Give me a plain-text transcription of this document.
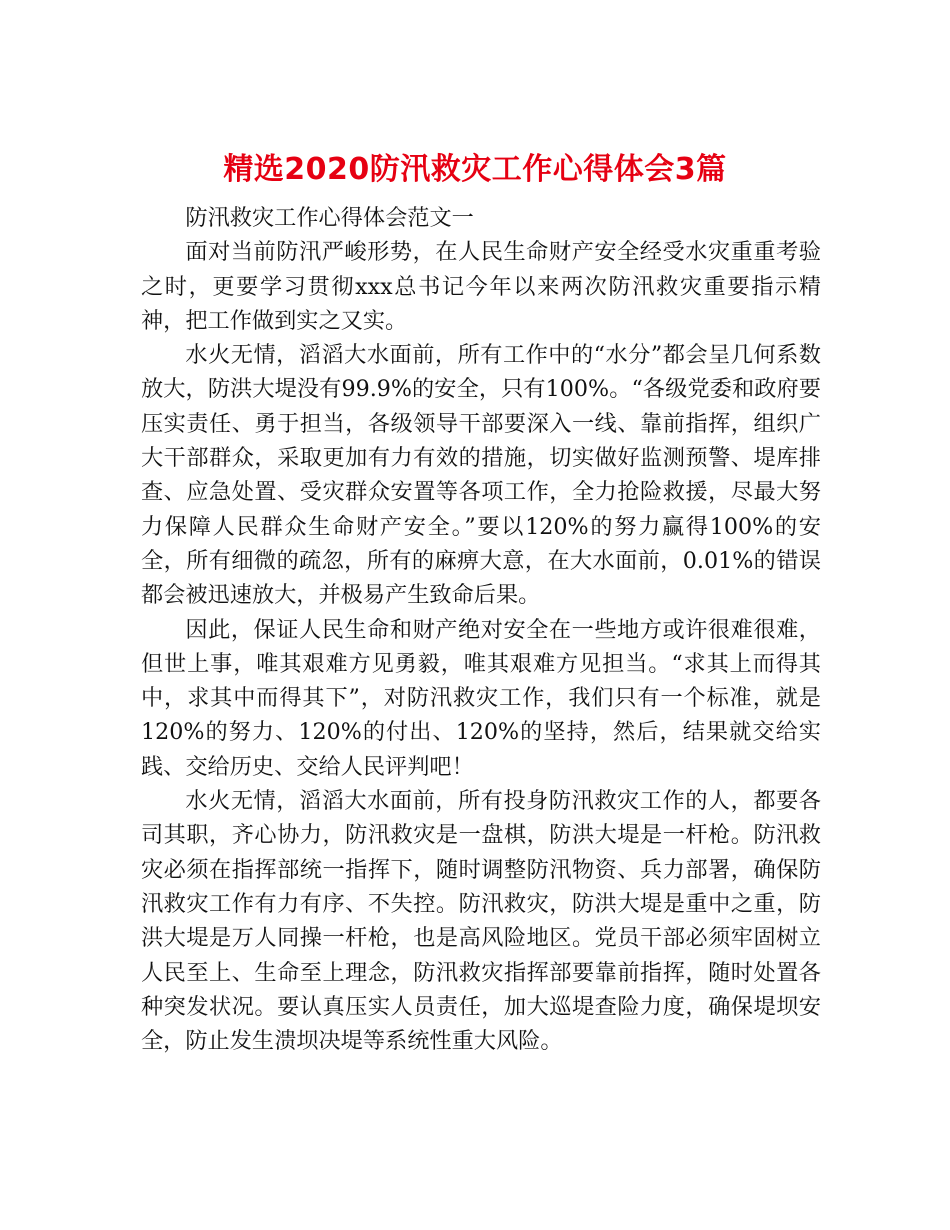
精选2020防汛救灾工作心得体会3篇

防汛救灾工作心得体会范文一

面对当前防汛严峻形势，在人民生命财产安全经受水灾重重考验之时，更要学习贯彻xxx总书记今年以来两次防汛救灾重要指示精神，把工作做到实之又实。

水火无情，滔滔大水面前，所有工作中的“水分”都会呈几何系数放大，防洪大堤没有99.9%的安全，只有100%。“各级党委和政府要压实责任、勇于担当，各级领导干部要深入一线、靠前指挥，组织广大干部群众，采取更加有力有效的措施，切实做好监测预警、堤库排查、应急处置、受灾群众安置等各项工作，全力抢险救援，尽最大努力保障人民群众生命财产安全。”要以120%的努力赢得100%的安全，所有细微的疏忽，所有的麻痹大意，在大水面前，0.01%的错误都会被迅速放大，并极易产生致命后果。

因此，保证人民生命和财产绝对安全在一些地方或许很难很难，但世上事，唯其艰难方见勇毅，唯其艰难方见担当。“求其上而得其中，求其中而得其下”，对防汛救灾工作，我们只有一个标准，就是120%的努力、120%的付出、120%的坚持，然后，结果就交给实践、交给历史、交给人民评判吧！

水火无情，滔滔大水面前，所有投身防汛救灾工作的人，都要各司其职，齐心协力，防汛救灾是一盘棋，防洪大堤是一杆枪。防汛救灾必须在指挥部统一指挥下，随时调整防汛物资、兵力部署，确保防汛救灾工作有力有序、不失控。防汛救灾，防洪大堤是重中之重，防洪大堤是万人同操一杆枪，也是高风险地区。党员干部必须牢固树立人民至上、生命至上理念，防汛救灾指挥部要靠前指挥，随时处置各种突发状况。要认真压实人员责任，加大巡堤查险力度，确保堤坝安全，防止发生溃坝决堤等系统性重大风险。
